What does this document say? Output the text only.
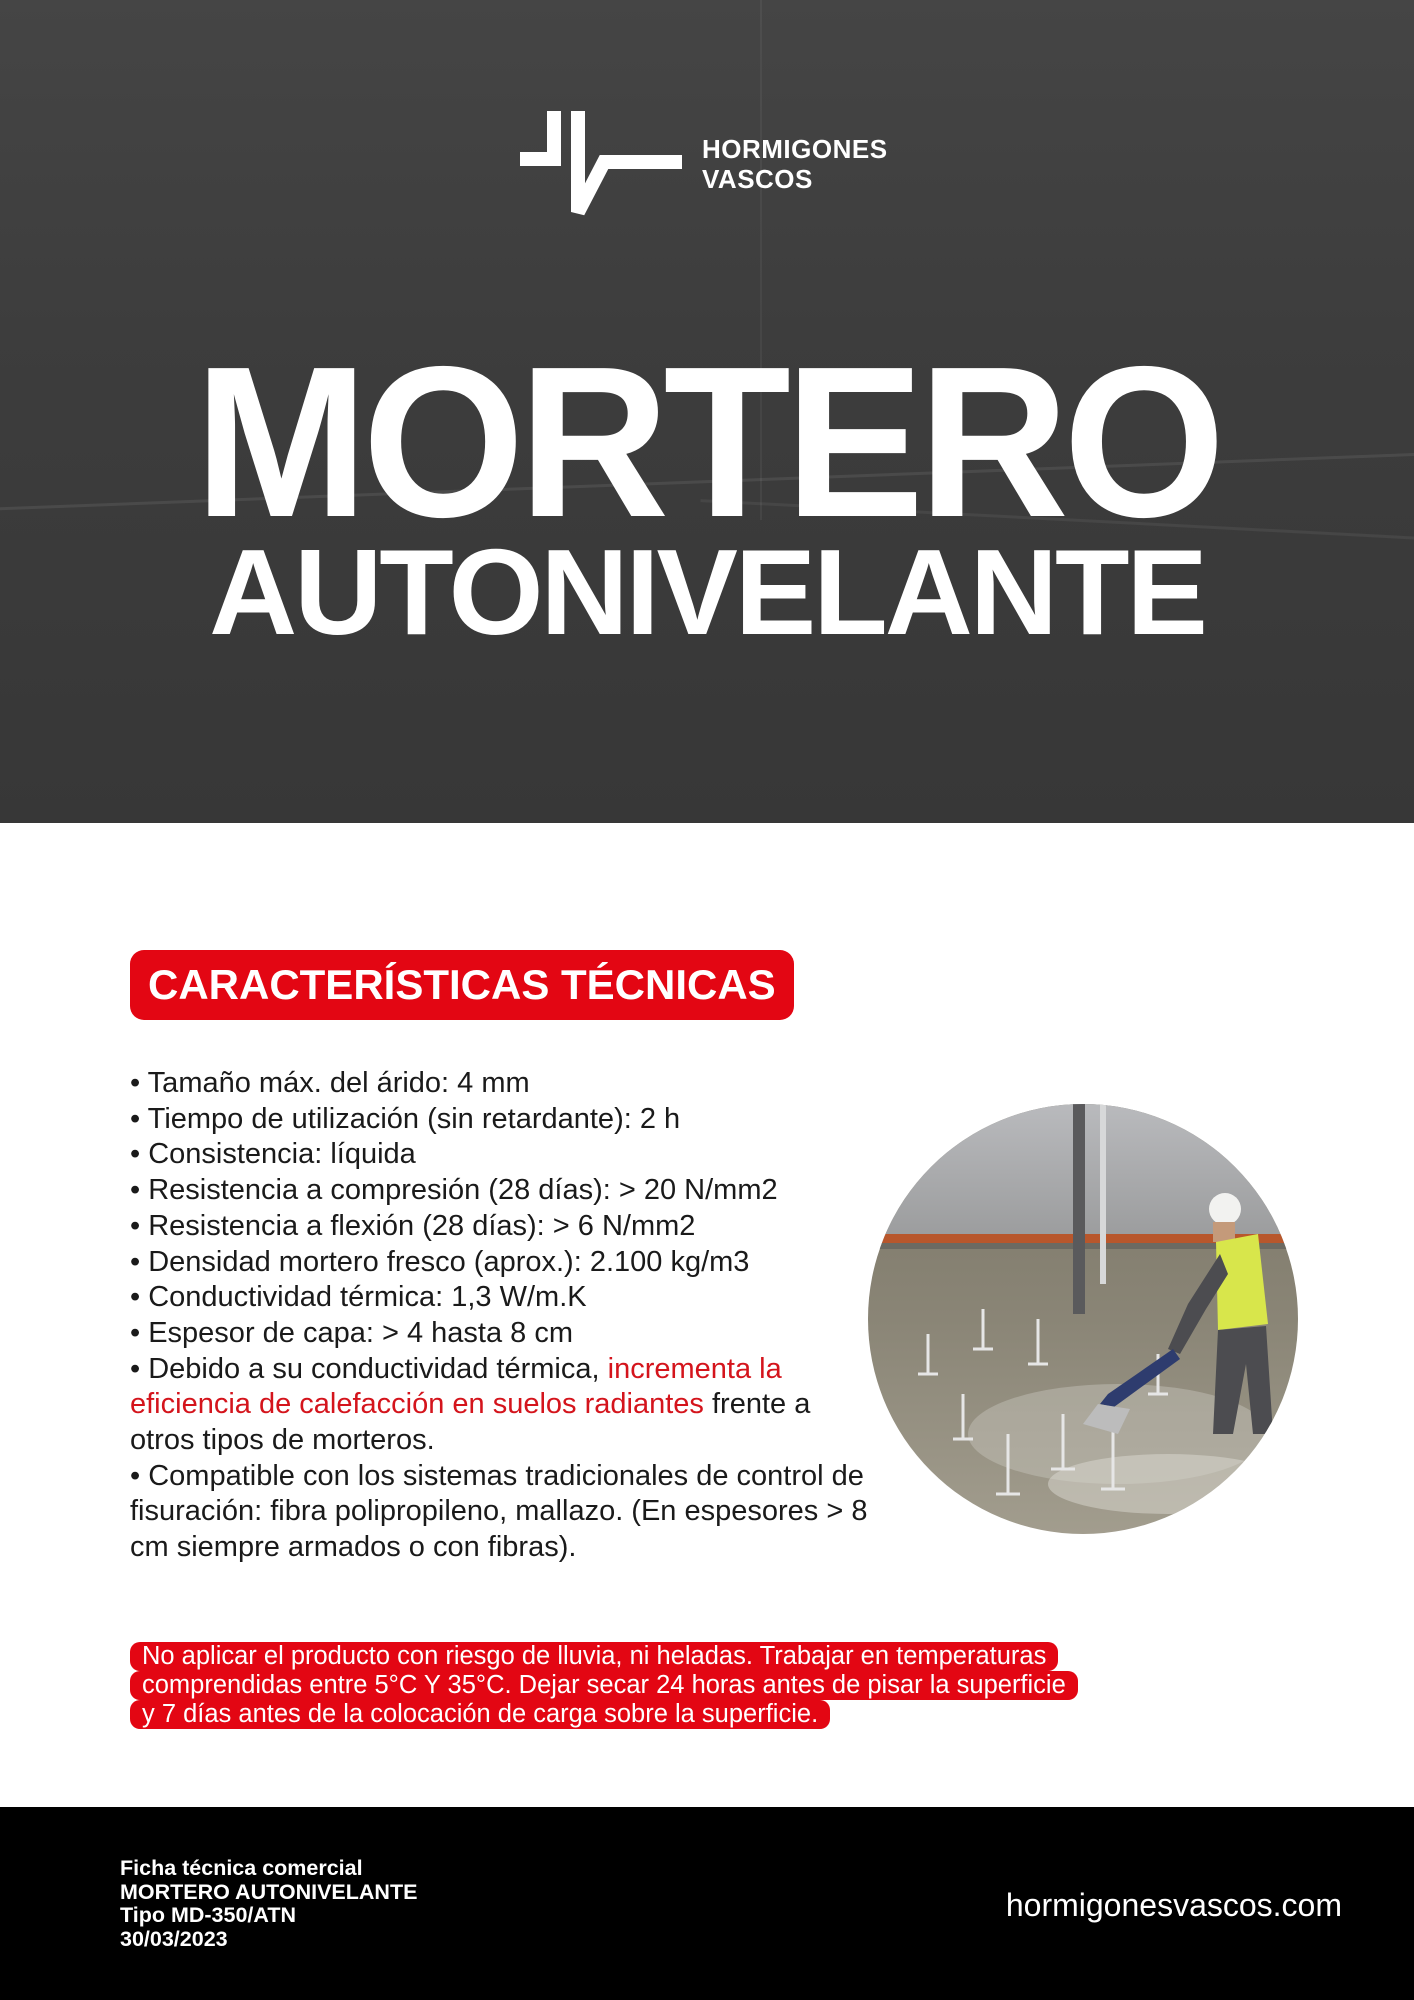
HORMIGONES
VASCOS
MORTERO
AUTONIVELANTE
CARACTERÍSTICAS TÉCNICAS
• Tamaño máx. del árido: 4 mm
• Tiempo de utilización (sin retardante): 2 h
• Consistencia: líquida
• Resistencia a compresión (28 días): > 20 N/mm2
• Resistencia a flexión (28 días): > 6 N/mm2
• Densidad mortero fresco (aprox.): 2.100 kg/m3
• Conductividad térmica: 1,3 W/m.K
• Espesor de capa: > 4 hasta 8 cm
• Debido a su conductividad térmica, incrementa la eficiencia de calefacción en suelos radiantes frente a otros tipos de morteros.
• Compatible con los sistemas tradicionales de control de fisuración: fibra polipropileno, mallazo. (En espesores > 8 cm siempre armados o con fibras).
No aplicar el producto con riesgo de lluvia, ni heladas. Trabajar en temperaturas
comprendidas entre 5°C Y 35°C. Dejar secar 24 horas antes de pisar la superficie
y 7 días antes de la colocación de carga sobre la superficie.
Ficha técnica comercial
MORTERO AUTONIVELANTE
Tipo MD-350/ATN
30/03/2023
hormigonesvascos.com
